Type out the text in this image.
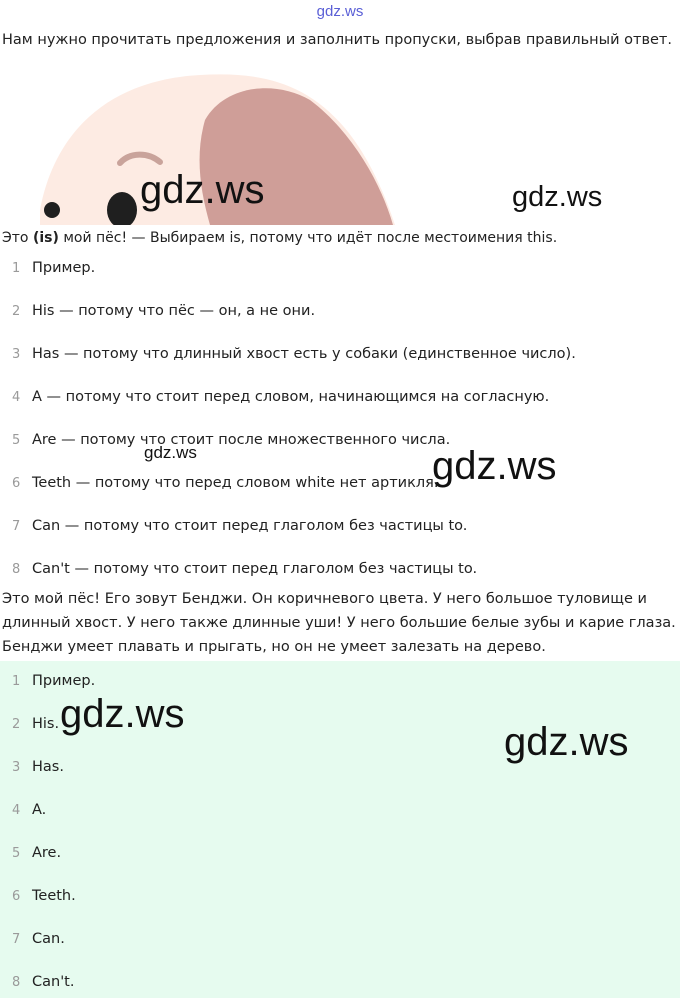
gdz.ws
Нам нужно прочитать предложения и заполнить пропуски, выбрав правильный ответ.
Это (is) мой пёс! — Выбираем is, потому что идёт после местоимения this.
1 Пример.
2 His — потому что пёс — он, а не они.
3 Has — потому что длинный хвост есть у собаки (единственное число).
4 A — потому что стоит перед словом, начинающимся на согласную.
5 Are — потому что стоит после множественного числа.
6 Teeth — потому что перед словом white нет артикля.
7 Can — потому что стоит перед глаголом без частицы to.
8 Can't — потому что стоит перед глаголом без частицы to.
Это мой пёс! Его зовут Бенджи. Он коричневого цвета. У него большое туловище и длинный хвост. У него также длинные уши! У него большие белые зубы и карие глаза. Бенджи умеет плавать и прыгать, но он не умеет залезать на дерево.
1 Пример.
2 His.
3 Has.
4 A.
5 Are.
6 Teeth.
7 Can.
8 Can't.
gdz.ws	gdz.ws
gdz.ws	gdz.ws
gdz.ws
gdz.ws
